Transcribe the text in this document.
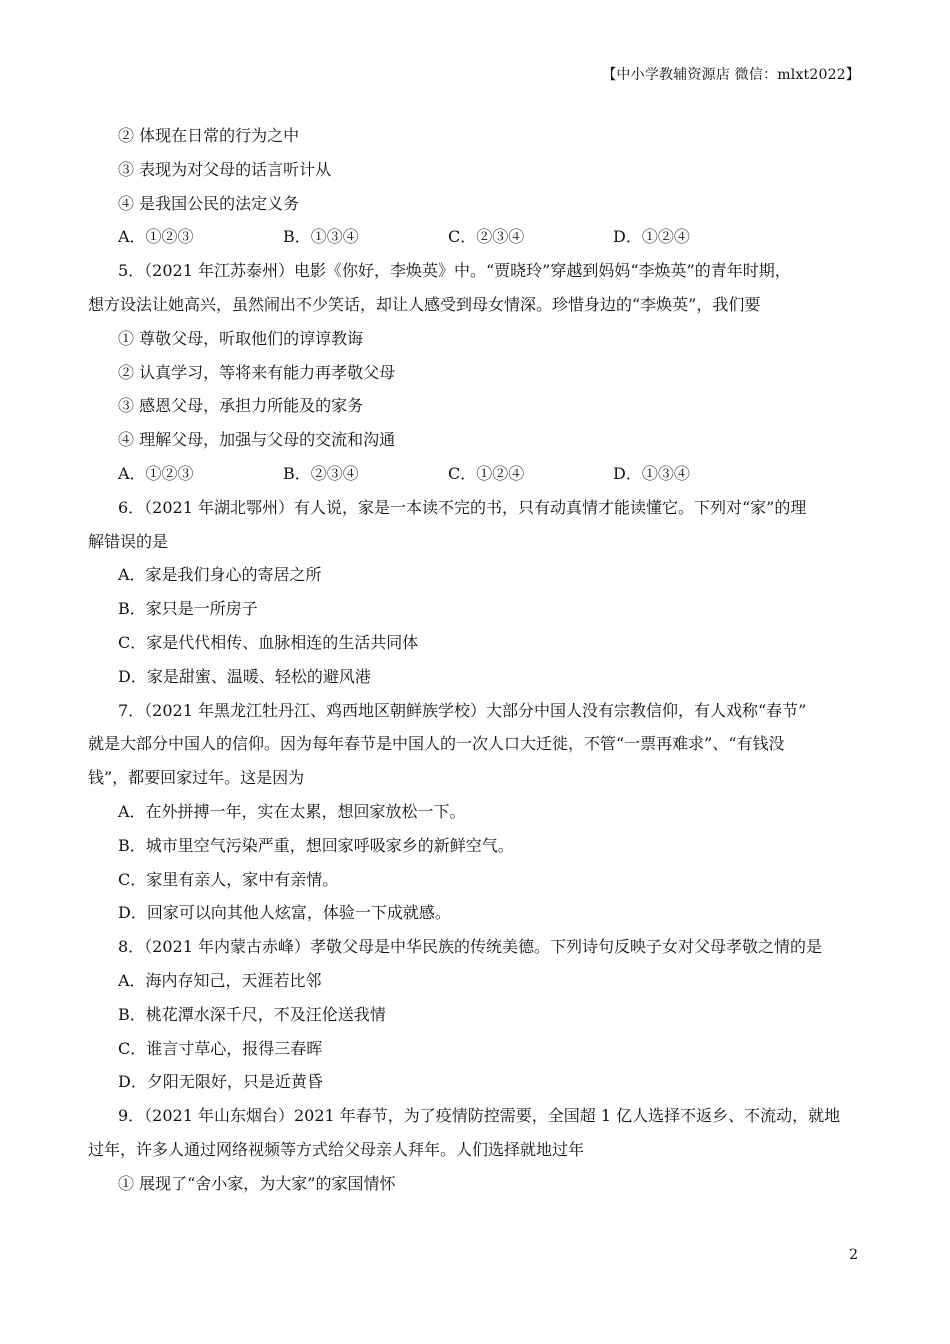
【中小学教辅资源店 微信：mlxt2022】
② 体现在日常的行为之中
③ 表现为对父母的话言听计从
④ 是我国公民的法定义务
A．①②③	B．①③④	C．②③④	D．①②④
5．（2021 年江苏泰州）电影《你好，李焕英》中。“贾晓玲”穿越到妈妈“李焕英”的青年时期，
想方设法让她高兴，虽然闹出不少笑话，却让人感受到母女情深。珍惜身边的“李焕英”，我们要
① 尊敬父母，听取他们的谆谆教诲
② 认真学习，等将来有能力再孝敬父母
③ 感恩父母，承担力所能及的家务
④ 理解父母，加强与父母的交流和沟通
A．①②③	B．②③④	C．①②④	D．①③④
6．（2021 年湖北鄂州）有人说，家是一本读不完的书，只有动真情才能读懂它。下列对“家”的理
解错误的是
A．家是我们身心的寄居之所
B．家只是一所房子
C．家是代代相传、血脉相连的生活共同体
D．家是甜蜜、温暖、轻松的避风港
7．（2021 年黑龙江牡丹江、鸡西地区朝鲜族学校）大部分中国人没有宗教信仰，有人戏称“春节”
就是大部分中国人的信仰。因为每年春节是中国人的一次人口大迁徙，不管“一票再难求”、“有钱没
钱”，都要回家过年。这是因为
A．在外拼搏一年，实在太累，想回家放松一下。
B．城市里空气污染严重，想回家呼吸家乡的新鲜空气。
C．家里有亲人，家中有亲情。
D．回家可以向其他人炫富，体验一下成就感。
8．（2021 年内蒙古赤峰）孝敬父母是中华民族的传统美德。下列诗句反映子女对父母孝敬之情的是
A．海内存知己，天涯若比邻
B．桃花潭水深千尺，不及汪伦送我情
C．谁言寸草心，报得三春晖
D．夕阳无限好，只是近黄昏
9．（2021 年山东烟台）2021 年春节，为了疫情防控需要，全国超 1 亿人选择不返乡、不流动，就地
过年，许多人通过网络视频等方式给父母亲人拜年。人们选择就地过年
① 展现了“舍小家，为大家”的家国情怀
2
